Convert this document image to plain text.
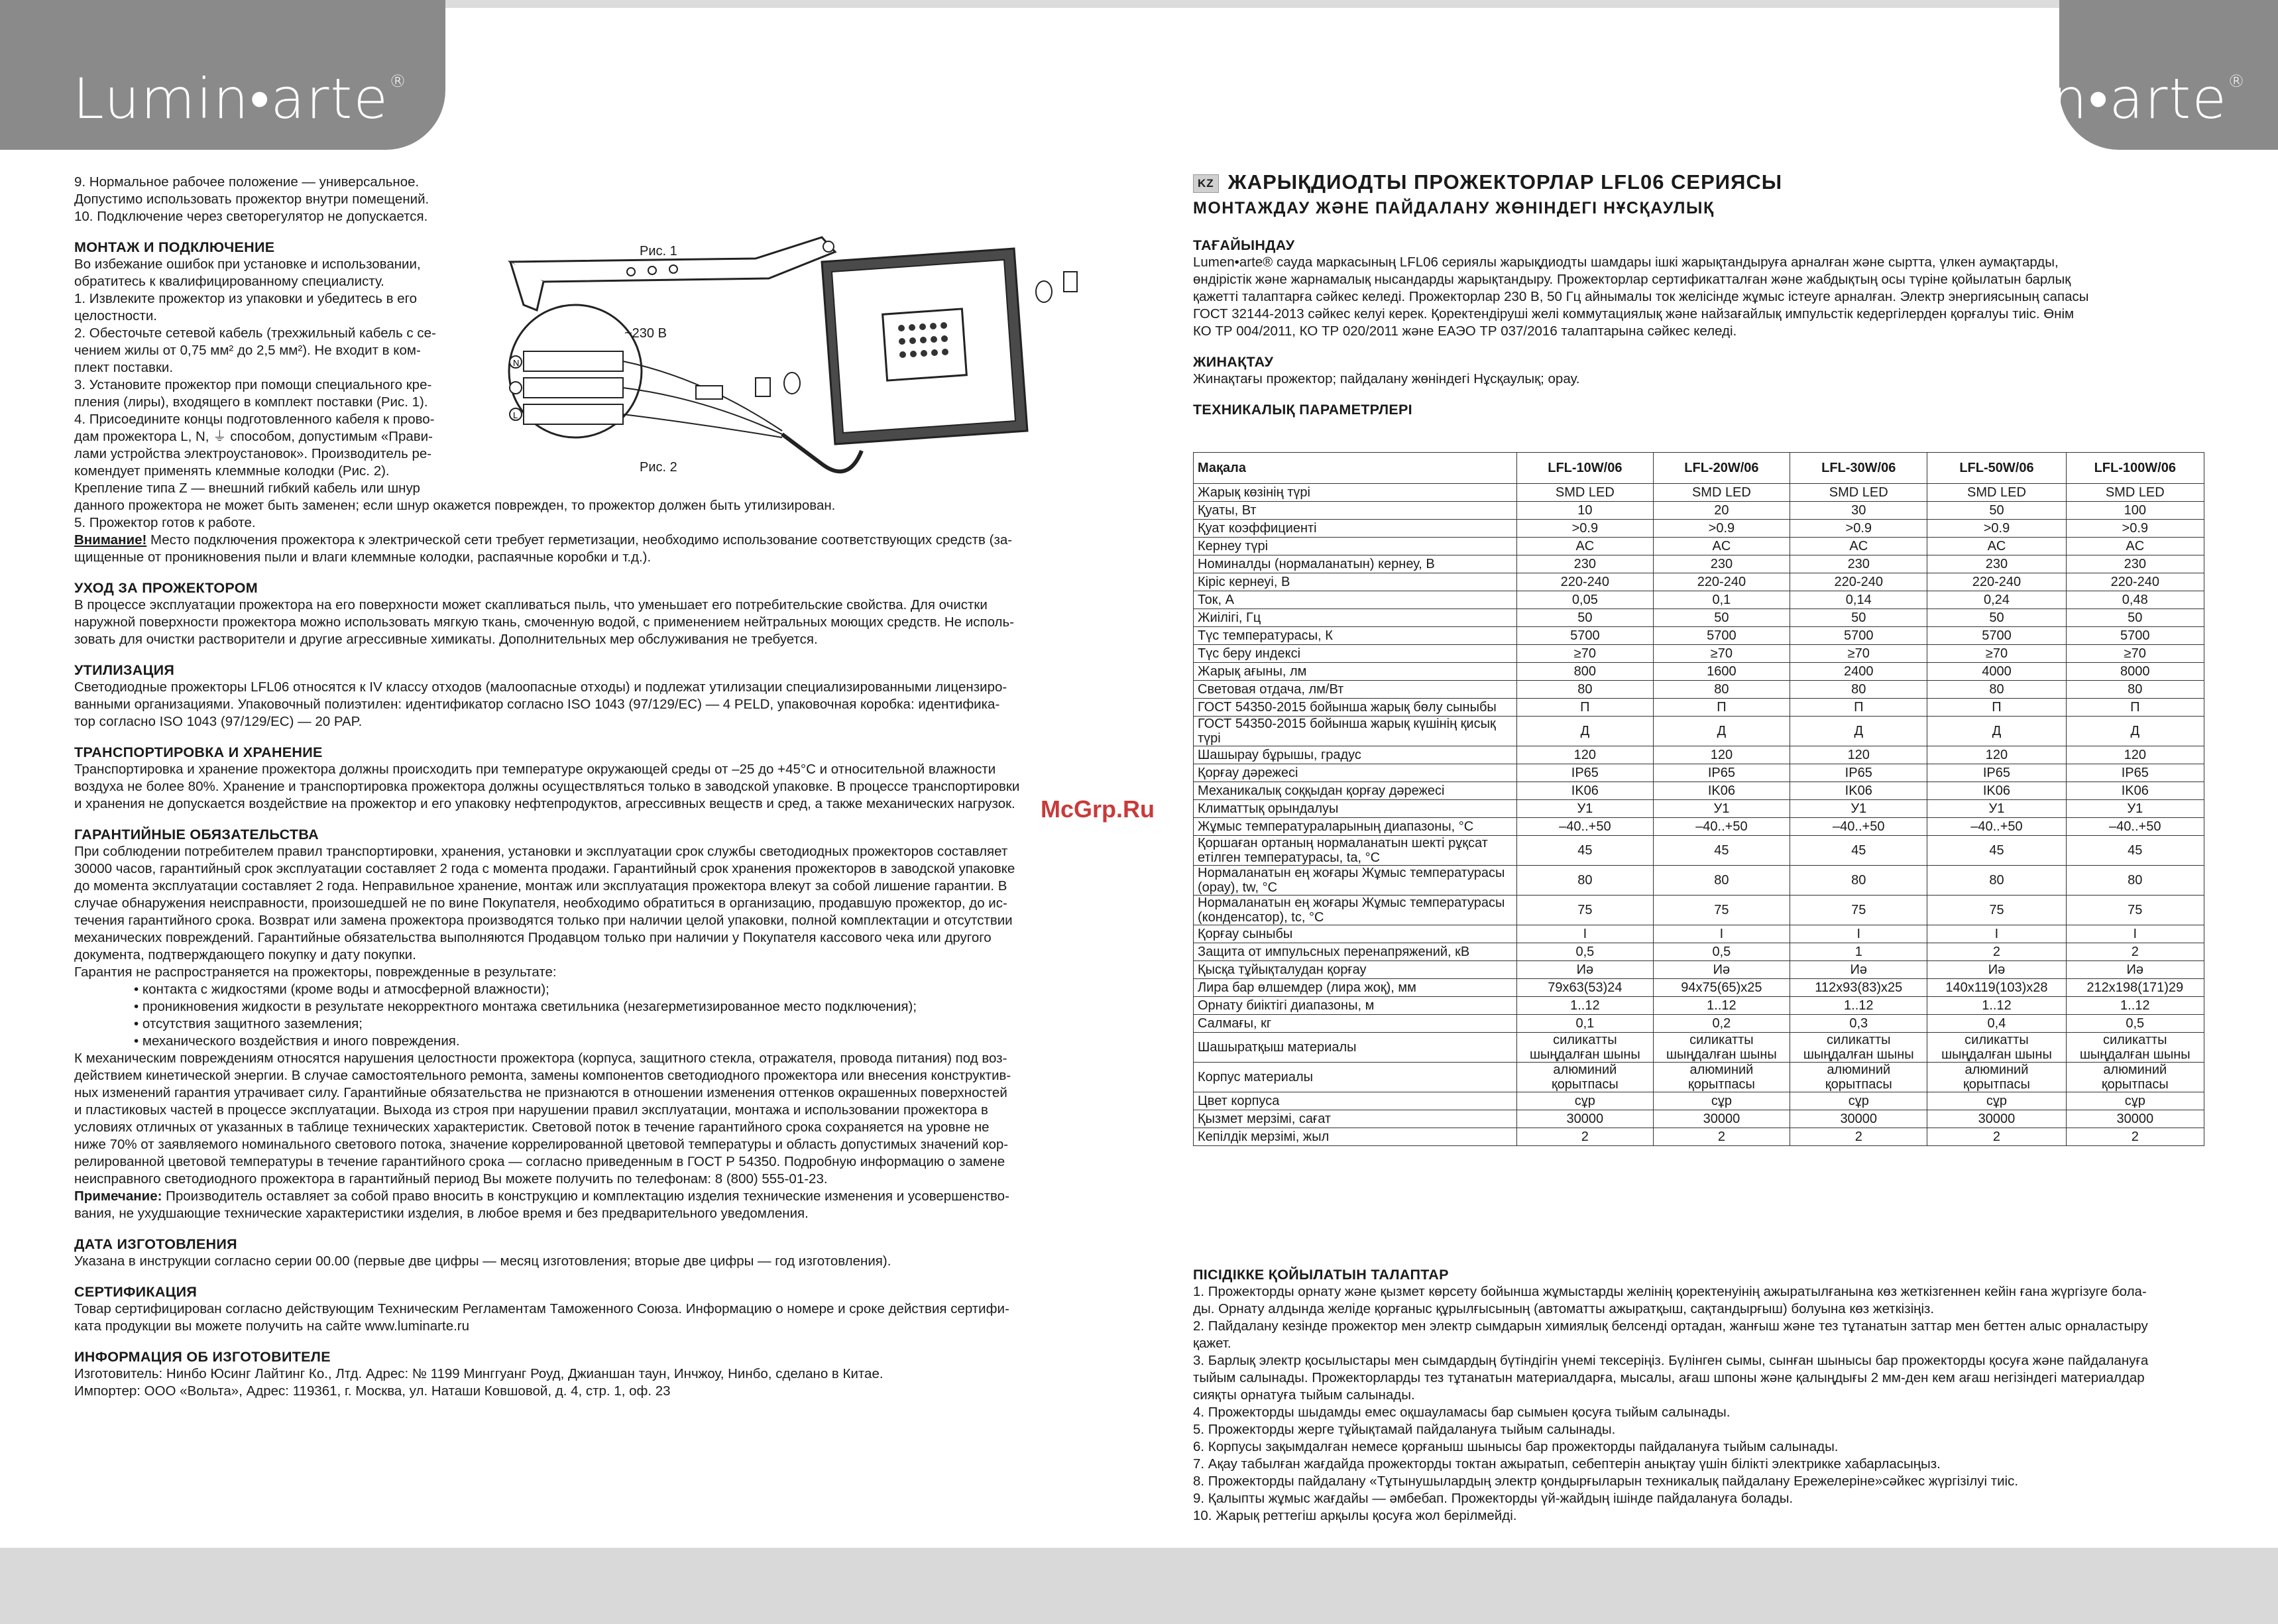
Lumin•arte®	Lumin•arte®

9. Нормальное рабочее положение — универсальное.

Допустимо использовать прожектор внутри помещений.

10. Подключение через светорегулятор не допускается.

МОНТАЖ И ПОДКЛЮЧЕНИЕ

Во избежание ошибок при установке и использовании,

обратитесь к квалифицированному специалисту.

1. Извлеките прожектор из упаковки и убедитесь в его

целостности.

2. Обесточьте сетевой кабель (трехжильный кабель с се-

чением жилы от 0,75 мм² до 2,5 мм²). Не входит в ком-

плект поставки.

3. Установите прожектор при помощи специального кре-

пления (лиры), входящего в комплект поставки (Рис. 1).

4. Присоедините концы подготовленного кабеля к прово-

дам прожектора L, N, ⏚ способом, допустимым «Прави-

лами устройства электроустановок». Производитель ре-

комендует применять клеммные колодки (Рис. 2).

Крепление типа Z — внешний гибкий кабель или шнур

данного прожектора не может быть заменен; если шнур окажется поврежден, то прожектор должен быть утилизирован.

5. Прожектор готов к работе.

Внимание! Место подключения прожектора к электрической сети требует герметизации, необходимо использование соответствующих средств (за-

щищенные от проникновения пыли и влаги клеммные колодки, распаячные коробки и т.д.).

УХОД ЗА ПРОЖЕКТОРОМ

В процессе эксплуатации прожектора на его поверхности может скапливаться пыль, что уменьшает его потребительские свойства. Для очистки

наружной поверхности прожектора можно использовать мягкую ткань, смоченную водой, с применением нейтральных моющих средств. Не исполь-

зовать для очистки растворители и другие агрессивные химикаты. Дополнительных мер обслуживания не требуется.

УТИЛИЗАЦИЯ

Светодиодные прожекторы LFL06 относятся к IV классу отходов (малоопасные отходы) и подлежат утилизации специализированными лицензиро-

ванными организациями. Упаковочный полиэтилен: идентификатор согласно ISO 1043 (97/129/EC) — 4 PELD, упаковочная коробка: идентифика-

тор согласно ISO 1043 (97/129/EC) — 20 PAP.

ТРАНСПОРТИРОВКА И ХРАНЕНИЕ

Транспортировка и хранение прожектора должны происходить при температуре окружающей среды от –25 до +45°C и относительной влажности

воздуха не более 80%. Хранение и транспортировка прожектора должны осуществляться только в заводской упаковке. В процессе транспортировки

и хранения не допускается воздействие на прожектор и его упаковку нефтепродуктов, агрессивных веществ и сред, а также механических нагрузок.

ГАРАНТИЙНЫЕ ОБЯЗАТЕЛЬСТВА

При соблюдении потребителем правил транспортировки, хранения, установки и эксплуатации срок службы светодиодных прожекторов составляет

30000 часов, гарантийный срок эксплуатации составляет 2 года с момента продажи. Гарантийный срок хранения прожекторов в заводской упаковке

до момента эксплуатации составляет 2 года. Неправильное хранение, монтаж или эксплуатация прожектора влекут за собой лишение гарантии. В

случае обнаружения неисправности, произошедшей не по вине Покупателя, необходимо обратиться в организацию, продавшую прожектор, до ис-

течения гарантийного срока. Возврат или замена прожектора производятся только при наличии целой упаковки, полной комплектации и отсутствии

механических повреждений. Гарантийные обязательства выполняются Продавцом только при наличии у Покупателя кассового чека или другого

документа, подтверждающего покупку и дату покупки.

Гарантия не распространяется на прожекторы, поврежденные в результате:

• контакта с жидкостями (кроме воды и атмосферной влажности);
• проникновения жидкости в результате некорректного монтажа светильника (незагерметизированное место подключения);
• отсутствия защитного заземления;
• механического воздействия и иного повреждения.

К механическим повреждениям относятся нарушения целостности прожектора (корпуса, защитного стекла, отражателя, провода питания) под воз-

действием кинетической энергии. В случае самостоятельного ремонта, замены компонентов светодиодного прожектора или внесения конструктив-

ных изменений гарантия утрачивает силу. Гарантийные обязательства не признаются в отношении изменения оттенков окрашенных поверхностей

и пластиковых частей в процессе эксплуатации. Выхода из строя при нарушении правил эксплуатации, монтажа и использовании прожектора в

условиях отличных от указанных в таблице технических характеристик. Световой поток в течение гарантийного срока сохраняется на уровне не

ниже 70% от заявляемого номинального светового потока, значение коррелированной цветовой температуры и область допустимых значений кор-

релированной цветовой температуры в течение гарантийного срока — согласно приведенным в ГОСТ Р 54350. Подробную информацию о замене

неисправного светодиодного прожектора в гарантийный период Вы можете получить по телефонам: 8 (800) 555-01-23.

Примечание: Производитель оставляет за собой право вносить в конструкцию и комплектацию изделия технические изменения и усовершенство-

вания, не ухудшающие технические характеристики изделия, в любое время и без предварительного уведомления.

ДАТА ИЗГОТОВЛЕНИЯ

Указана в инструкции согласно серии 00.00 (первые две цифры — месяц изготовления; вторые две цифры — год изготовления).

СЕРТИФИКАЦИЯ

Товар сертифицирован согласно действующим Техническим Регламентам Таможенного Союза. Информацию о номере и сроке действия сертифи-

ката продукции вы можете получить на сайте www.luminarte.ru

ИНФОРМАЦИЯ ОБ ИЗГОТОВИТЕЛЕ

Изготовитель: Нинбо Юсинг Лайтинг Ко., Лтд. Адрес: № 1199 Минггуанг Роуд, Джианшан таун, Инчжоу, Нинбо, сделано в Китае.

Импортер: ООО «Вольта», Адрес: 119361, г. Москва, ул. Наташи Ковшовой, д. 4, стр. 1, оф. 23

N
L
Рис. 1
~230 В
Рис. 2
McGrp.Ru

KZ ЖАРЫҚДИОДТЫ ПРОЖЕКТОРЛАР LFL06 СЕРИЯСЫ

МОНТАЖДАУ ЖӘНЕ ПАЙДАЛАНУ ЖӨНІНДЕГІ НҰСҚАУЛЫҚ

ТАҒАЙЫНДАУ

Lumen•arte® сауда маркасының LFL06 сериялы жарықдиодты шамдары ішкі жарықтандыруға арналған және сыртта, үлкен аумақтарды,

өндірістік және жарнамалық нысандарды жарықтандыру. Прожекторлар сертификатталған және жабдықтың осы түріне қойылатын барлық

қажетті талаптарға сәйкес келеді. Прожекторлар 230 В, 50 Гц айнымалы ток желісінде жұмыс істеуге арналған. Электр энергиясының сапасы

ГОСТ 32144-2013 сәйкес келуі керек. Қоректендіруші желі коммутациялық және найзағайлық импульстік кедергілерден қорғалуы тиіс. Өнім

КО ТР 004/2011, КО ТР 020/2011 және ЕАЭО ТР 037/2016 талаптарына сәйкес келеді.

ЖИНАҚТАУ

Жинақтағы прожектор; пайдалану жөніндегі Нұсқаулық; орау.

ТЕХНИКАЛЫҚ ПАРАМЕТРЛЕРІ

Мақала	LFL-10W/06	LFL-20W/06	LFL-30W/06	LFL-50W/06	LFL-100W/06
Жарық көзінің түрі	SMD LED	SMD LED	SMD LED	SMD LED	SMD LED
Қуаты, Вт	10	20	30	50	100
Қуат коэффициенті	>0.9	>0.9	>0.9	>0.9	>0.9
Кернеу түрі	AC	AC	AC	AC	AC
Номиналды (нормаланатын) кернеу, В	230	230	230	230	230
Кіріс кернеуі, В	220-240	220-240	220-240	220-240	220-240
Ток, А	0,05	0,1	0,14	0,24	0,48
Жиілігі, Гц	50	50	50	50	50
Түс температурасы, К	5700	5700	5700	5700	5700
Түс беру индексі	≥70	≥70	≥70	≥70	≥70
Жарық ағыны, лм	800	1600	2400	4000	8000
Световая отдача, лм/Вт	80	80	80	80	80
ГОСТ 54350-2015 бойынша жарық бөлу сыныбы	П	П	П	П	П
ГОСТ 54350-2015 бойынша жарық күшінің қисық түрі	Д	Д	Д	Д	Д
Шашырау бұрышы, градус	120	120	120	120	120
Қорғау дәрежесі	IP65	IP65	IP65	IP65	IP65
Механикалық соққыдан қорғау дәрежесі	IK06	IK06	IK06	IK06	IK06
Климаттық орындалуы	У1	У1	У1	У1	У1
Жұмыс температураларының диапазоны, °C	–40..+50	–40..+50	–40..+50	–40..+50	–40..+50
Қоршаған ортаның нормаланатын шекті рұқсат етілген температурасы, ta, °C	45	45	45	45	45
Нормаланатын ең жоғары Жұмыс температурасы (орау), tw, °C	80	80	80	80	80
Нормаланатын ең жоғары Жұмыс температурасы (конденсатор), tc, °C	75	75	75	75	75
Қорғау сыныбы	I	I	I	I	I
Защита от импульсных перенапряжений, кВ	0,5	0,5	1	2	2
Қысқа тұйықталудан қорғау	Иә	Иә	Иә	Иә	Иә
Лира бар өлшемдер (лира жоқ), мм	79x63(53)24	94x75(65)x25	112x93(83)x25	140x119(103)x28	212x198(171)29
Орнату биіктігі диапазоны, м	1..12	1..12	1..12	1..12	1..12
Салмағы, кг	0,1	0,2	0,3	0,4	0,5
Шашыратқыш материалы	силикатты шыңдалған шыны	силикатты шыңдалған шыны	силикатты шыңдалған шыны	силикатты шыңдалған шыны	силикатты шыңдалған шыны
Корпус материалы	алюминий қорытпасы	алюминий қорытпасы	алюминий қорытпасы	алюминий қорытпасы	алюминий қорытпасы
Цвет корпуса	сұр	сұр	сұр	сұр	сұр
Қызмет мерзімі, сағат	30000	30000	30000	30000	30000
Кепілдік мерзімі, жыл	2	2	2	2	2

ПІСІДІККЕ ҚОЙЫЛАТЫН ТАЛАПТАР

1. Прожекторды орнату және қызмет көрсету бойынша жұмыстарды желінің қоректенуінің ажыратылғанына көз жеткізгеннен кейін ғана жүргізуге бола-

ды. Орнату алдында желіде қорғаныс құрылғысының (автоматты ажыратқыш, сақтандырғыш) болуына көз жеткізіңіз.

2. Пайдалану кезінде прожектор мен электр сымдарын химиялық белсенді ортадан, жанғыш және тез тұтанатын заттар мен беттен алыс орналастыру

қажет.

3. Барлық электр қосылыстары мен сымдардың бүтіндігін үнемі тексеріңіз. Бүлінген сымы, сынған шынысы бар прожекторды қосуға және пайдалануға

тыйым салынады. Прожекторларды тез тұтанатын материалдарға, мысалы, ағаш шпоны және қалыңдығы 2 мм-ден кем ағаш негізіндегі материалдар

сияқты орнатуға тыйым салынады.

4. Прожекторды шыдамды емес оқшауламасы бар сымыен қосуға тыйым салынады.

5. Прожекторды жерге тұйықтамай пайдалануға тыйым салынады.

6. Корпусы зақымдалған немесе қорғаныш шынысы бар прожекторды пайдалануға тыйым салынады.

7. Ақау табылған жағдайда прожекторды токтан ажыратып, себептерін анықтау үшін білікті электрикке хабарласыңыз.

8. Прожекторды пайдалану «Тұтынушылардың электр қондырғыларын техникалық пайдалану Ережелеріне»сәйкес жүргізілуі тиіс.

9. Қалыпты жұмыс жағдайы — әмбебап. Прожекторды үй-жайдың ішінде пайдалануға болады.

10. Жарық реттегіш арқылы қосуға жол берілмейді.
